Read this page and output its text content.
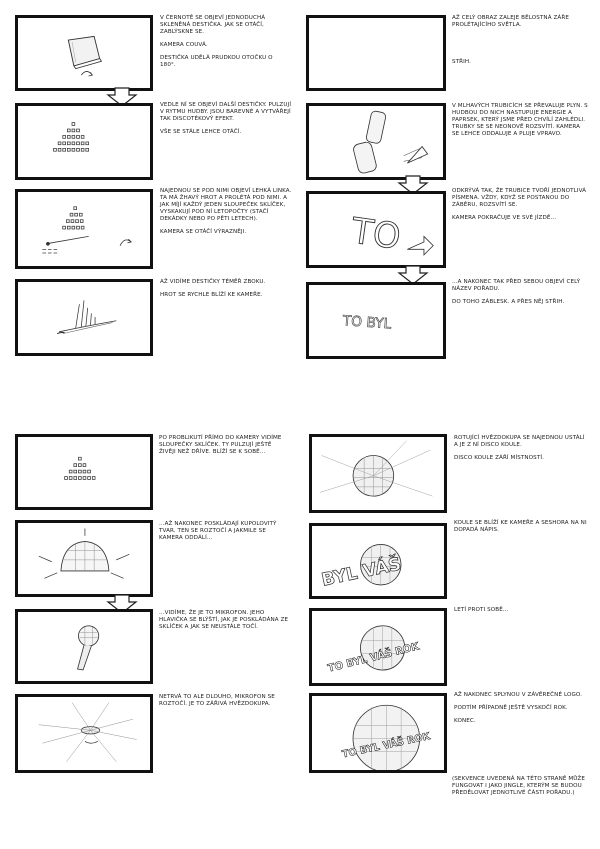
V ČERNOTĚ SE OBJEVÍ JEDNODUCHÁ SKLENĚNÁ DESTIČKA. JAK SE OTÁČÍ, ZABLÝSKNE SE.

KAMERA COUVÁ.

DESTIČKA UDĚLÁ PRUDKOU OTOČKU O 180°.

VEDLE NÍ SE OBJEVÍ DALŠÍ DESTIČKY. PULZUJÍ V RYTMU HUDBY. JSOU BAREVNÉ A VYTVÁŘEJÍ TAK DISCOTÉKOVÝ EFEKT.

VŠE SE STÁLE LEHCE OTÁČÍ.

NAJEDNOU SE POD NIMI OBJEVÍ LEHKÁ LINKA. TA MÁ ŽHAVÝ HROT A PROLÉTÁ POD NIMI. A JAK MÍJÍ KAŽDÝ JEDEN SLOUPEČEK SKLÍČEK, VYSKAKUJÍ POD NÍ LETOPOČTY (STAČÍ DEKÁDKY NEBO PO PĚTI LETECH).

KAMERA SE OTÁČÍ VÝRAZNĚJI.

AŽ VIDÍME DESTIČKY TÉMĚŘ ZBOKU.

HROT SE RYCHLE BLÍŽÍ KE KAMEŘE.

AŽ CELÝ OBRAZ ZALEJE BĚLOSTNÁ ZÁŘE PROLÉTAJÍCÍHO SVĚTLA.

STŘIH.

V MLHAVÝCH TRUBICÍCH SE PŘEVALUJE PLYN. S HUDBOU DO NICH NASTUPUJE ENERGIE A PAPRSEK, KTERÝ JSME PŘED CHVÍLÍ ZAHLÉDLI. TRUBKY SE SE NEONOVĚ ROZSVÍTÍ. KAMERA SE LEHCE ODDALUJE A PLUJE VPRAVO.

TO

ODKRÝVÁ TAK, ŽE TRUBICE TVOŘÍ JEDNOTLIVÁ PÍSMENA. VŽDY, KDYŽ SE POSTANOU DO ZÁBĚRU, ROZSVÍTÍ SE.

KAMERA POKRAČUJE VE SVÉ JÍZDĚ...

TO BYL

...A NAKONEC TAK PŘED SEBOU OBJEVÍ CELÝ NÁZEV POŘADU.

DO TOHO ZÁBLESK. A PŘES NĚJ STŘIH.

PO PROBLIKUTÍ PŘÍMO DO KAMERY VIDÍME SLOUPEČKY SKLÍČEK. TY PULZUJÍ JEŠTĚ ŽIVĚJI NEŽ DŘÍVE. BLÍŽÍ SE K SOBĚ...

...AŽ NAKONEC POSKLÁDAJÍ KUPOLOVITÝ TVAR. TEN SE ROZTOČÍ A JAKMILE SE KAMERA ODDÁLÍ...

...VIDÍME, ŽE JE TO MIKROFON. JEHO HLAVIČKA SE BLÝŠTÍ, JAK JE POSKLÁDÁNA ZE SKLÍČEK A JAK SE NEUSTÁLE TOČÍ.

NETRVÁ TO ALE DLOUHO, MIKROFON SE ROZTOČÍ. JE TO ZÁŘIVÁ HVĚZDOKUPA.

ROTUJÍCÍ HVĚZDOKUPA SE NAJEDNOU USTÁLÍ A JE Z NÍ DISCO KOULE.

DISCO KOULE ZÁŘÍ MÍSTNOSTÍ.

BYL VÁŠ

KOULE SE BLÍŽÍ KE KAMEŘE A SESHORA NA NI DOPADÁ NÁPIS.

TO BYL VÁŠ ROK

LETÍ PROTI SOBĚ...

TO BYL VÁŠ ROK

AŽ NAKONEC SPLYNOU V ZÁVĚREČNÉ LOGO.

PODTÍM PŘÍPADNĚ JEŠTĚ VYSKOČÍ ROK.

KONEC.

(SEKVENCE UVEDENÁ NA TÉTO STRANĚ MŮŽE FUNGOVAT I JAKO JINGLE, KTERÝM SE BUDOU PŘEDĚLOVAT JEDNOTLIVÉ ČÁSTI POŘADU.)
